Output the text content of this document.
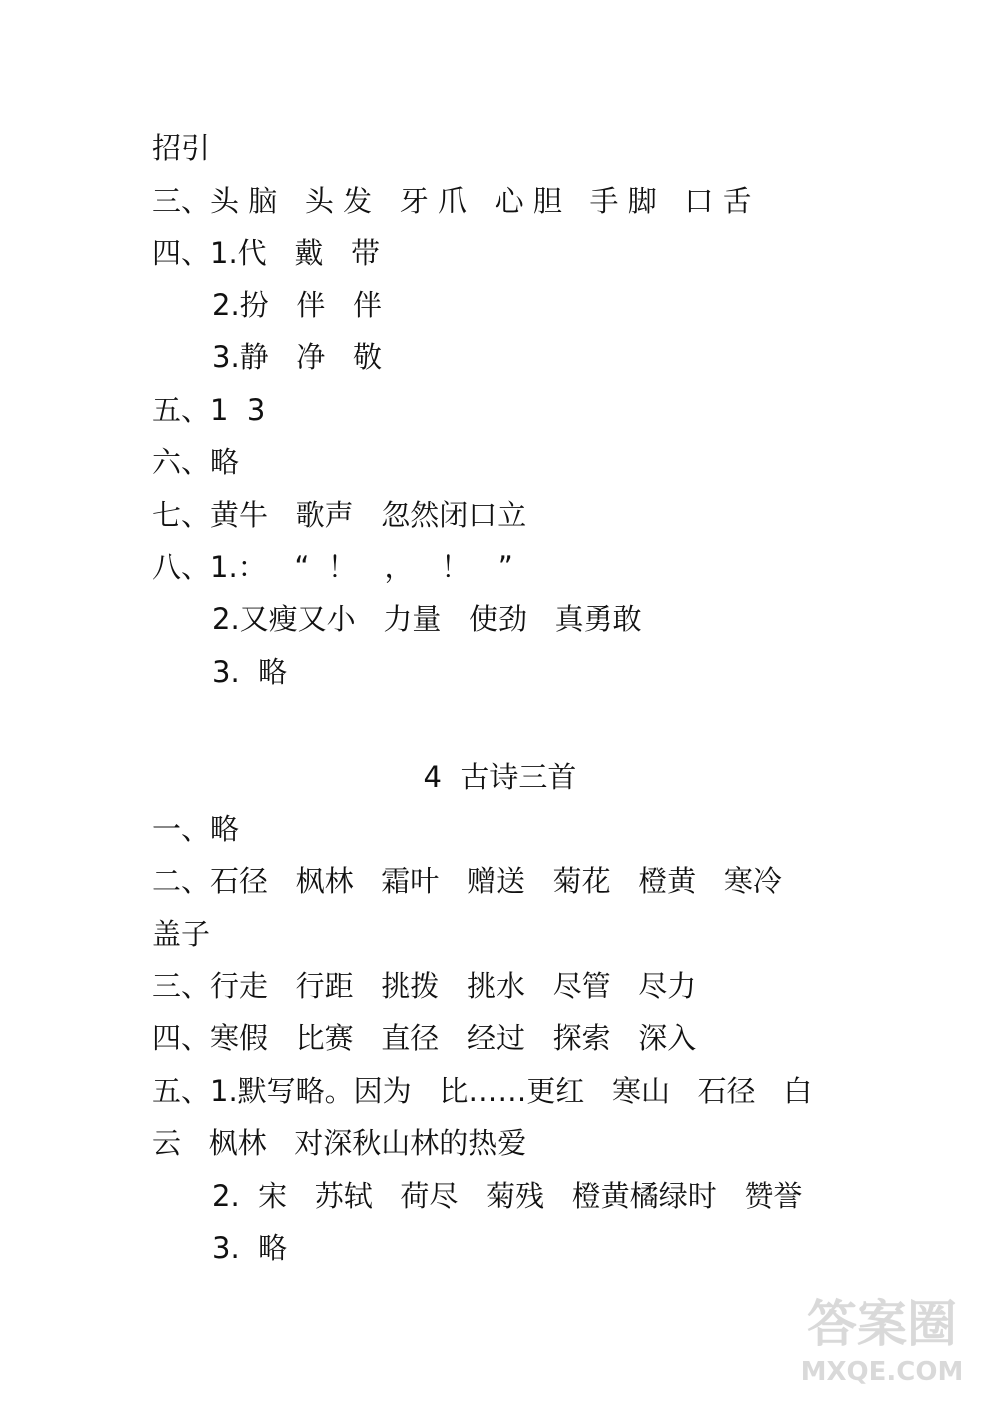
招引
三、头 脑   头 发   牙 爪   心 胆   手 脚   口 舌
四、1.代   戴   带
2.扮   伴   伴
3.静   净   敬
五、1  3
六、略
七、黄牛   歌声   忽然闭口立
八、1.：   “  ！   ，   ！   ”
2.又瘦又小   力量   使劲   真勇敢
3.  略
4  古诗三首
一、略
二、石径   枫林   霜叶   赠送   菊花   橙黄   寒冷
盖子
三、行走   行距   挑拨   挑水   尽管   尽力
四、寒假   比赛   直径   经过   探索   深入
五、1.默写略。因为   比……更红   寒山   石径   白
云   枫林   对深秋山林的热爱
2.  宋   苏轼   荷尽   菊残   橙黄橘绿时   赞誉
3.  略
答案圈
MXQE.COM
